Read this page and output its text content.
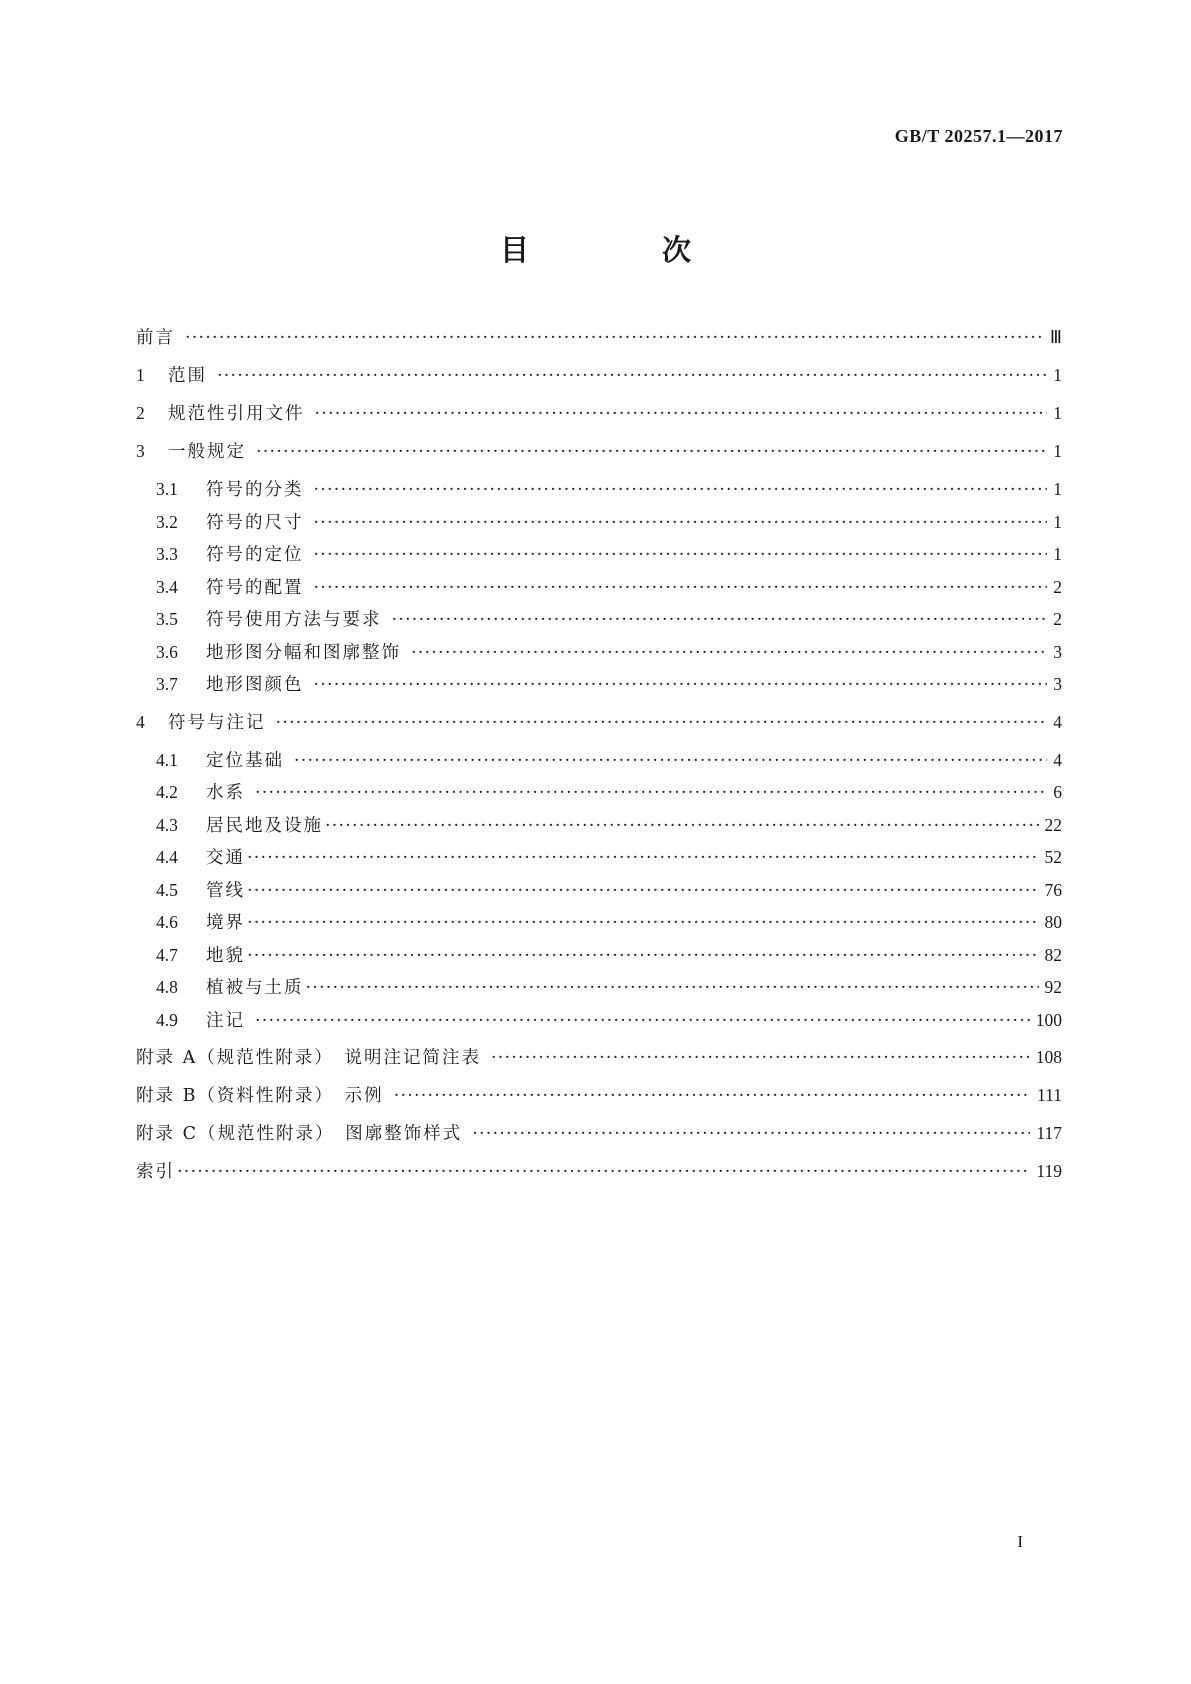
GB/T 20257.1—2017
目　次
前言 ·····	Ⅲ
1	范围 ·····	1
2	规范性引用文件 ·····	1
3	一般规定 ·····	1
3.1	符号的分类 ·····	1
3.2	符号的尺寸 ·····	1
3.3	符号的定位 ·····	1
3.4	符号的配置 ·····	2
3.5	符号使用方法与要求 ·····	2
3.6	地形图分幅和图廓整饰 ·····	3
3.7	地形图颜色 ·····	3
4	符号与注记 ·····	4
4.1	定位基础 ·····	4
4.2	水系 ·····	6
4.3	居民地及设施 ·····	22
4.4	交通 ·····	52
4.5	管线 ·····	76
4.6	境界 ·····	80
4.7	地貌 ·····	82
4.8	植被与土质 ·····	92
4.9	注记 ·····	100
附录 A（规范性附录）　说明注记简注表 ·····	108
附录 B（资料性附录）　示例 ·····	111
附录 C（规范性附录）　图廓整饰样式 ·····	117
索引 ·····	119
I
